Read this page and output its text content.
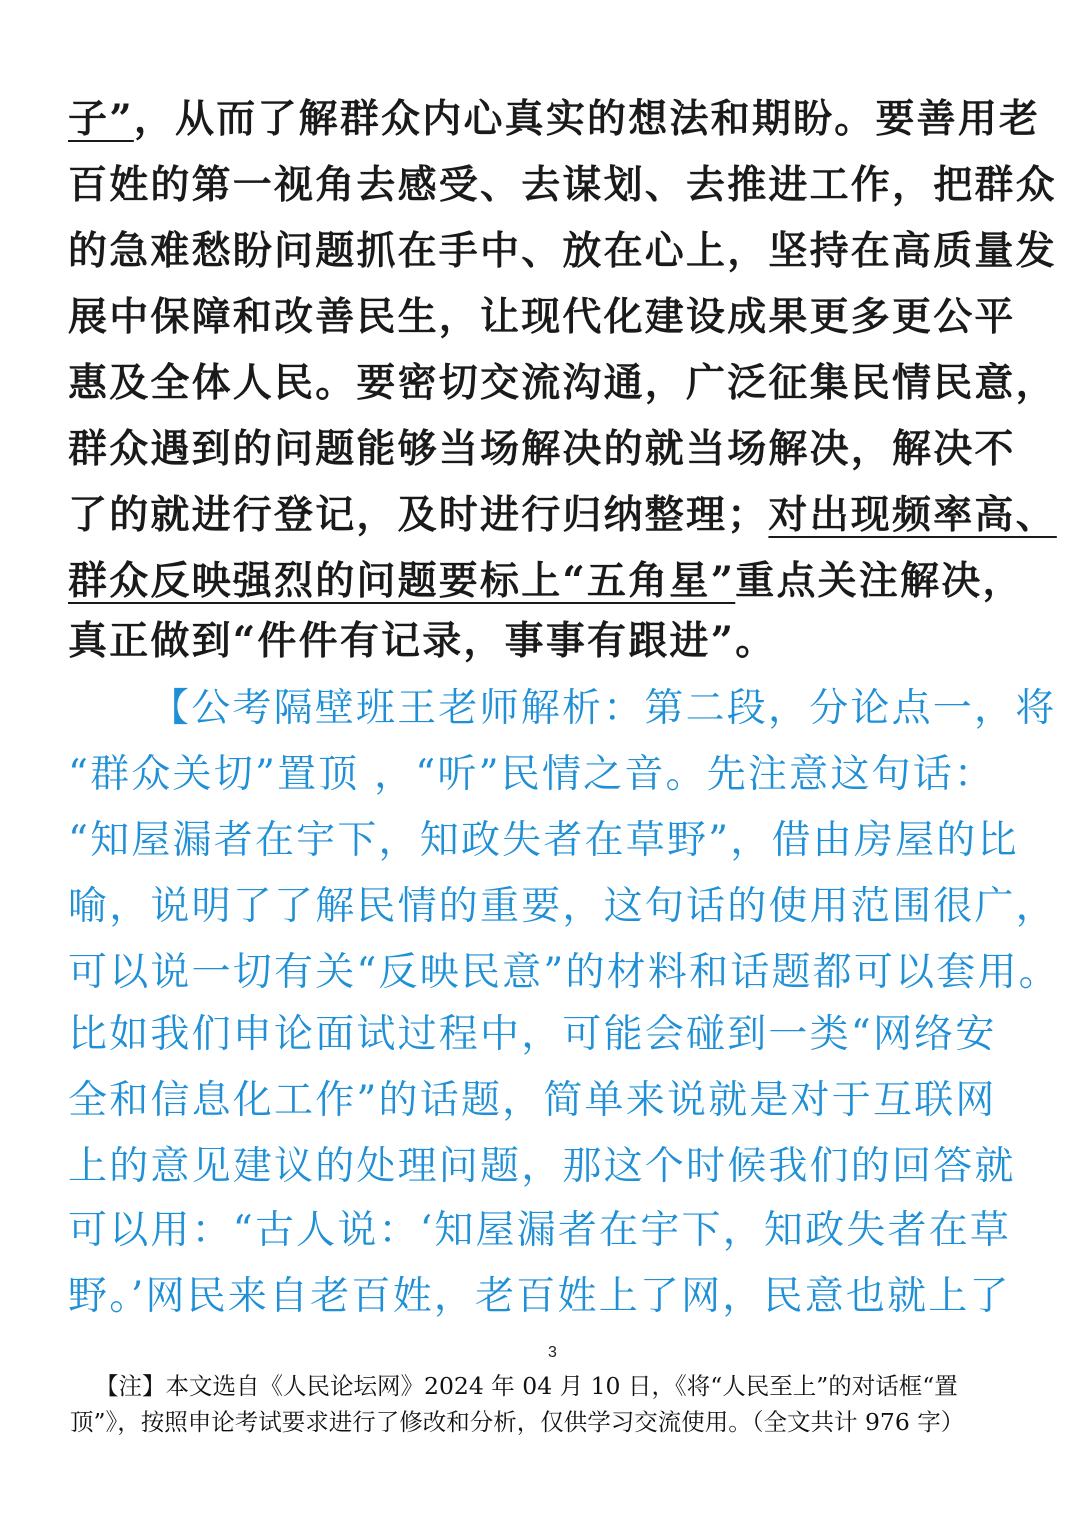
子”，从而了解群众内心真实的想法和期盼。要善用老
百姓的第一视角去感受、去谋划、去推进工作，把群众
的急难愁盼问题抓在手中、放在心上，坚持在高质量发
展中保障和改善民生，让现代化建设成果更多更公平
惠及全体人民。要密切交流沟通，广泛征集民情民意，
群众遇到的问题能够当场解决的就当场解决，解决不
了的就进行登记，及时进行归纳整理；对出现频率高、
群众反映强烈的问题要标上“五角星”重点关注解决，
真正做到“件件有记录，事事有跟进”。
【公考隔壁班王老师解析：第二段，分论点一，将
“群众关切”置顶 ，“听”民情之音。先注意这句话：
“知屋漏者在宇下，知政失者在草野”，借由房屋的比
喻，说明了了解民情的重要，这句话的使用范围很广，
可以说一切有关“反映民意”的材料和话题都可以套用。
比如我们申论面试过程中，可能会碰到一类“网络安
全和信息化工作”的话题，简单来说就是对于互联网
上的意见建议的处理问题，那这个时候我们的回答就
可以用：“古人说：‘知屋漏者在宇下，知政失者在草
野。’网民来自老百姓，老百姓上了网，民意也就上了
3
【注】本文选自《人民论坛网》2024 年 04 月 10 日，《将“人民至上”的对话框“置
顶”》，按照申论考试要求进行了修改和分析，仅供学习交流使用。（全文共计 976 字）
